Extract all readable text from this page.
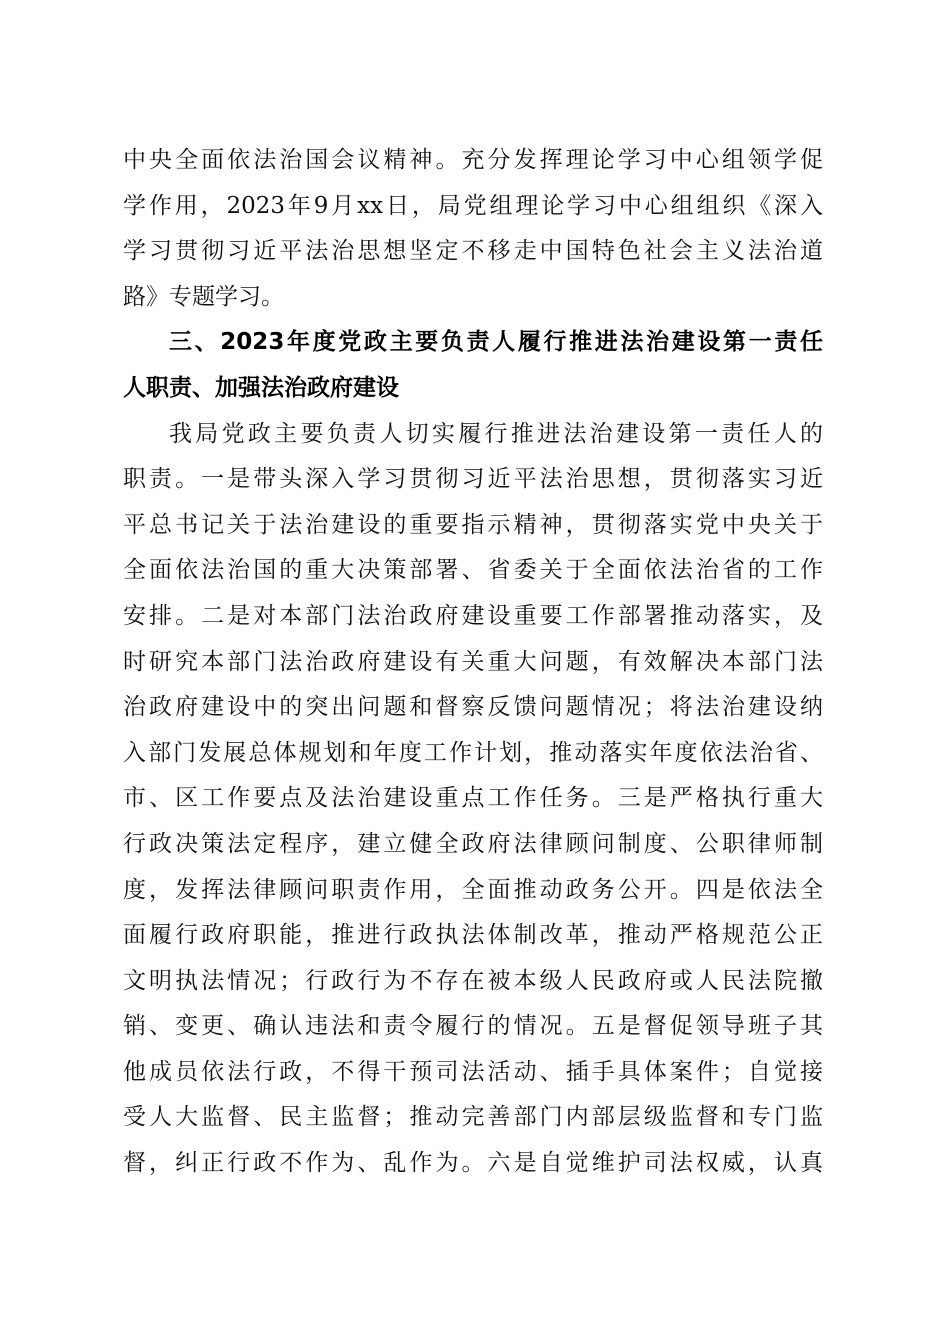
中央全面依法治国会议精神。充分发挥理论学习中心组领学促
学作用，2023年9月xx日，局党组理论学习中心组组织《深入
学习贯彻习近平法治思想坚定不移走中国特色社会主义法治道
路》专题学习。
三、2023年度党政主要负责人履行推进法治建设第一责任
人职责、加强法治政府建设
我局党政主要负责人切实履行推进法治建设第一责任人的
职责。一是带头深入学习贯彻习近平法治思想，贯彻落实习近
平总书记关于法治建设的重要指示精神，贯彻落实党中央关于
全面依法治国的重大决策部署、省委关于全面依法治省的工作
安排。二是对本部门法治政府建设重要工作部署推动落实，及
时研究本部门法治政府建设有关重大问题，有效解决本部门法
治政府建设中的突出问题和督察反馈问题情况；将法治建设纳
入部门发展总体规划和年度工作计划，推动落实年度依法治省、
市、区工作要点及法治建设重点工作任务。三是严格执行重大
行政决策法定程序，建立健全政府法律顾问制度、公职律师制
度，发挥法律顾问职责作用，全面推动政务公开。四是依法全
面履行政府职能，推进行政执法体制改革，推动严格规范公正
文明执法情况；行政行为不存在被本级人民政府或人民法院撤
销、变更、确认违法和责令履行的情况。五是督促领导班子其
他成员依法行政，不得干预司法活动、插手具体案件；自觉接
受人大监督、民主监督；推动完善部门内部层级监督和专门监
督，纠正行政不作为、乱作为。六是自觉维护司法权威，认真
